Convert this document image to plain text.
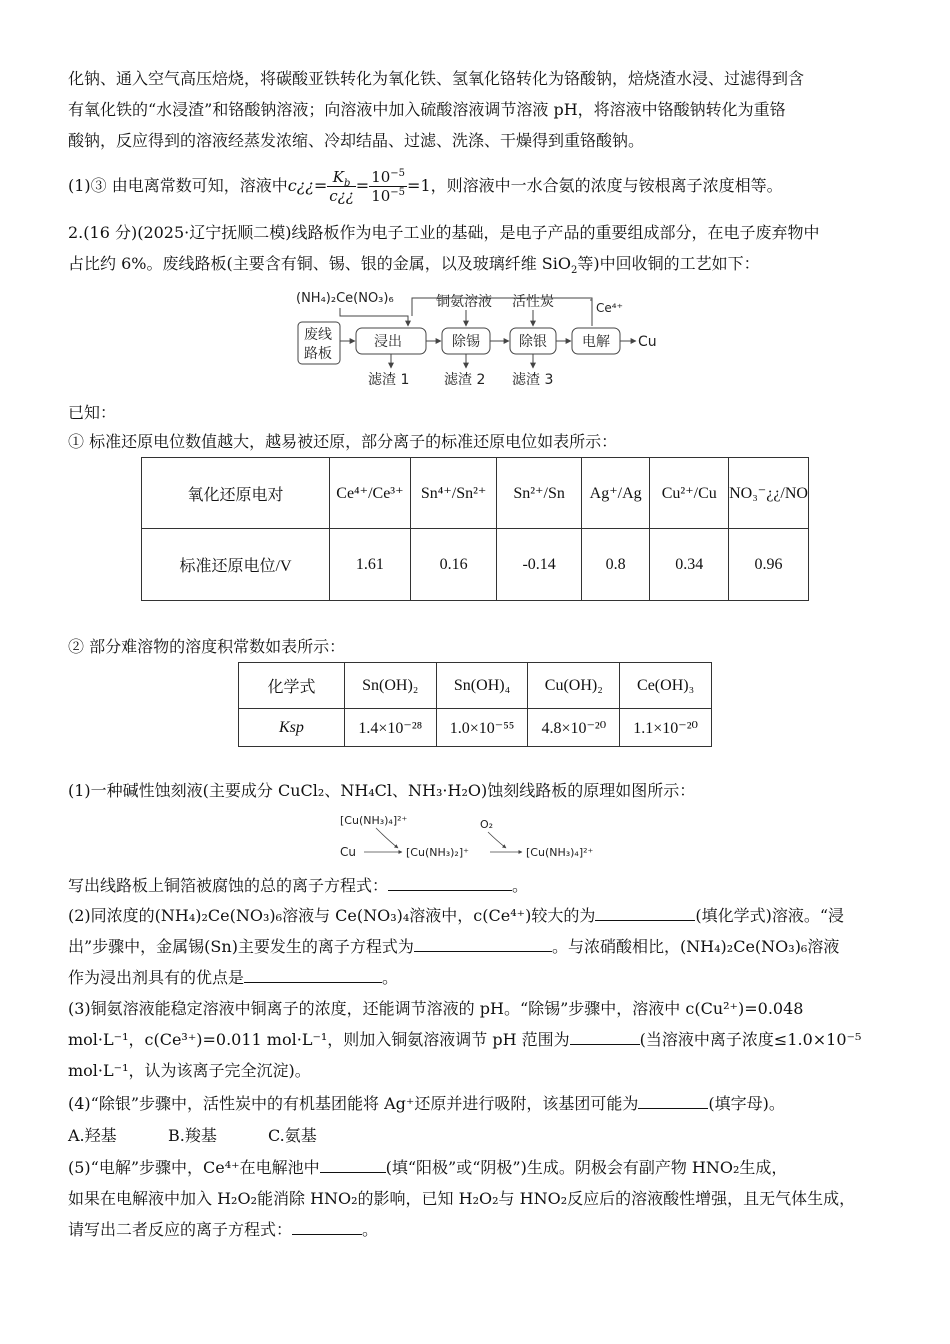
化钠、通入空气高压焙烧，将碳酸亚铁转化为氧化铁、氢氧化铬转化为铬酸钠，焙烧渣水浸、过滤得到含
有氧化铁的“水浸渣”和铬酸钠溶液；向溶液中加入硫酸溶液调节溶液 pH，将溶液中铬酸钠转化为重铬
酸钠，反应得到的溶液经蒸发浓缩、冷却结晶、过滤、洗涤、干燥得到重铬酸钠。
(1)③ 由电离常数可知，溶液中c¿¿= $\frac{K_b}{c¿¿} = \frac{10^{-5}}{10^{-5}} =1$，则溶液中一水合氨的浓度与铵根离子浓度相等。
2.(16 分)(2025·辽宁抚顺二模)线路板作为电子工业的基础，是电子产品的重要组成部分，在电子废弃物中
占比约 6%。废线路板(主要含有铜、锡、银的金属，以及玻璃纤维 SiO$_2$等)中回收铜的工艺如下：
(NH₄)₂Ce(NO₃)₆	铜氨溶液 活性炭	Ce⁴⁺
废线
路板
浸出	除锡	除银	电解 Cu
滤渣 1 滤渣 2 滤渣 3
已知：
① 标准还原电位数值越大，越易被还原，部分离子的标准还原电位如表所示：
氧化还原电对	Ce⁴⁺/Ce³⁺	Sn⁴⁺/Sn²⁺	Sn²⁺/Sn	Ag⁺/Ag	Cu²⁺/Cu	NO₃⁻¿¿/NO
标准还原电位/V	1.61	0.16	-0.14	0.8	0.34	0.96
② 部分难溶物的溶度积常数如表所示：
化学式	Sn(OH)₂	Sn(OH)₄	Cu(OH)₂	Ce(OH)₃
Ksp	1.4×10⁻²⁸	1.0×10⁻⁵⁵	4.8×10⁻²⁰	1.1×10⁻²⁰
(1)一种碱性蚀刻液(主要成分 CuCl₂、NH₄Cl、NH₃·H₂O)蚀刻线路板的原理如图所示：
[Cu(NH₃)₄]²⁺	O₂
Cu	[Cu(NH₃)₂]⁺	[Cu(NH₃)₄]²⁺
写出线路板上铜箔被腐蚀的总的离子方程式：	。
(2)同浓度的(NH₄)₂Ce(NO₃)₆溶液与 Ce(NO₃)₄溶液中，c(Ce⁴⁺)较大的为	(填化学式)溶液。“浸
出”步骤中，金属锡(Sn)主要发生的离子方程式为	。与浓硝酸相比，(NH₄)₂Ce(NO₃)₆溶液
作为浸出剂具有的优点是	。
(3)铜氨溶液能稳定溶液中铜离子的浓度，还能调节溶液的 pH。“除锡”步骤中，溶液中 c(Cu²⁺)=0.048
mol·L⁻¹，c(Ce³⁺)=0.011 mol·L⁻¹，则加入铜氨溶液调节 pH 范围为	(当溶液中离子浓度≤1.0×10⁻⁵
mol·L⁻¹，认为该离子完全沉淀)。
(4)“除银”步骤中，活性炭中的有机基团能将 Ag⁺还原并进行吸附，该基团可能为	(填字母)。
A.羟基	B.羧基	C.氨基
(5)“电解”步骤中，Ce⁴⁺在电解池中	(填“阳极”或“阴极”)生成。阴极会有副产物 HNO₂生成，
如果在电解液中加入 H₂O₂能消除 HNO₂的影响，已知 H₂O₂与 HNO₂反应后的溶液酸性增强，且无气体生成，
请写出二者反应的离子方程式：	。
